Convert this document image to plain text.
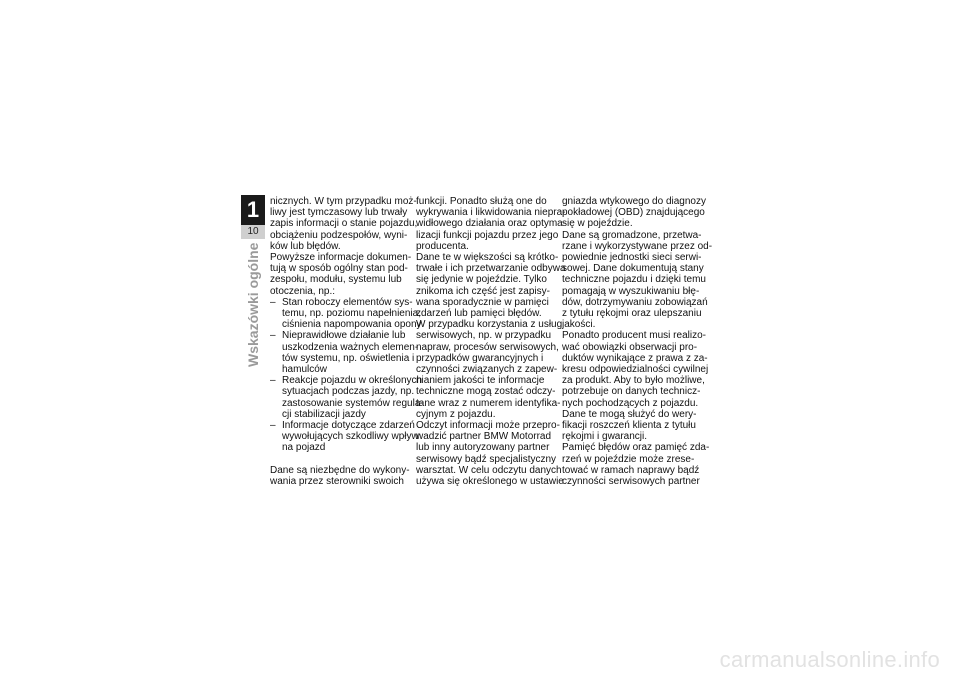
1
10
Wskazówki ogólne
nicznych. W tym przypadku moż-
liwy jest tymczasowy lub trwały
zapis informacji o stanie pojazdu,
obciążeniu podzespołów, wyni-
ków lub błędów.
Powyższe informacje dokumen-
tują w sposób ogólny stan pod-
zespołu, modułu, systemu lub
otoczenia, np.:
– Stan roboczy elementów sys-
temu, np. poziomu napełnienia,
ciśnienia napompowania opony
– Nieprawidłowe działanie lub
uszkodzenia ważnych elemen-
tów systemu, np. oświetlenia i
hamulców
– Reakcje pojazdu w określonych
sytuacjach podczas jazdy, np.
zastosowanie systemów regula-
cji stabilizacji jazdy
– Informacje dotyczące zdarzeń
wywołujących szkodliwy wpływ
na pojazd
Dane są niezbędne do wykony-
wania przez sterowniki swoich
funkcji. Ponadto służą one do
wykrywania i likwidowania niepra-
widłowego działania oraz optyma-
lizacji funkcji pojazdu przez jego
producenta.
Dane te w większości są krótko-
trwałe i ich przetwarzanie odbywa
się jedynie w pojeździe. Tylko
znikoma ich część jest zapisy-
wana sporadycznie w pamięci
zdarzeń lub pamięci błędów.
W przypadku korzystania z usług
serwisowych, np. w przypadku
napraw, procesów serwisowych,
przypadków gwarancyjnych i
czynności związanych z zapew-
nianiem jakości te informacje
techniczne mogą zostać odczy-
tane wraz z numerem identyfika-
cyjnym z pojazdu.
Odczyt informacji może przepro-
wadzić partner BMW Motorrad
lub inny autoryzowany partner
serwisowy bądź specjalistyczny
warsztat. W celu odczytu danych
używa się określonego w ustawie
gniazda wtykowego do diagnozy
pokładowej (OBD) znajdującego
się w pojeździe.
Dane są gromadzone, przetwa-
rzane i wykorzystywane przez od-
powiednie jednostki sieci serwi-
sowej. Dane dokumentują stany
techniczne pojazdu i dzięki temu
pomagają w wyszukiwaniu błę-
dów, dotrzymywaniu zobowiązań
z tytułu rękojmi oraz ulepszaniu
jakości.
Ponadto producent musi realizo-
wać obowiązki obserwacji pro-
duktów wynikające z prawa z za-
kresu odpowiedzialności cywilnej
za produkt. Aby to było możliwe,
potrzebuje on danych technicz-
nych pochodzących z pojazdu.
Dane te mogą służyć do wery-
fikacji roszczeń klienta z tytułu
rękojmi i gwarancji.
Pamięć błędów oraz pamięć zda-
rzeń w pojeździe może zrese-
tować w ramach naprawy bądź
czynności serwisowych partner
carmanualsonline.info
